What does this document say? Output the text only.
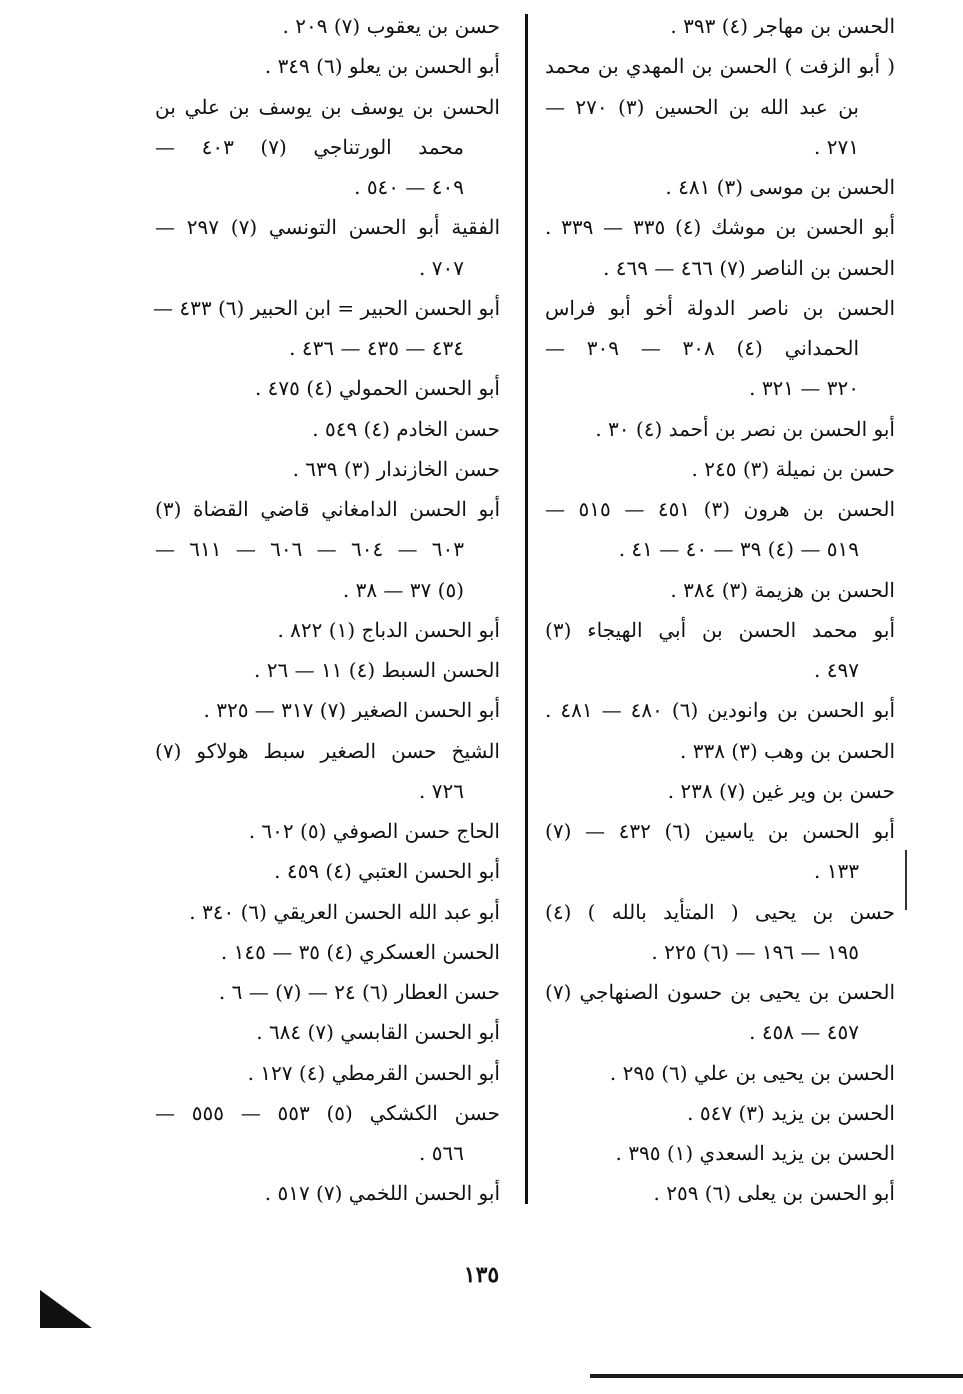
الحسن بن مهاجر (٤) ٣٩٣ .
( أبو الزفت ) الحسن بن المهدي بن محمد
بن عبد الله بن الحسين (٣) ٢٧٠ —
٢٧١ .
الحسن بن موسى (٣) ٤٨١ .
أبو الحسن بن موشك (٤) ٣٣٥ — ٣٣٩ .
الحسن بن الناصر (٧) ٤٦٦ — ٤٦٩ .
الحسن بن ناصر الدولة أخو أبو فراس
الحمداني (٤) ٣٠٨ — ٣٠٩ —
٣٢٠ — ٣٢١ .
أبو الحسن بن نصر بن أحمد (٤) ٣٠ .
حسن بن نميلة (٣) ٢٤٥ .
الحسن بن هرون (٣) ٤٥١ — ٥١٥ —
٥١٩ — (٤) ٣٩ — ٤٠ — ٤١ .
الحسن بن هزيمة (٣) ٣٨٤ .
أبو محمد الحسن بن أبي الهيجاء (٣)
٤٩٧ .
أبو الحسن بن وانودين (٦) ٤٨٠ — ٤٨١ .
الحسن بن وهب (٣) ٣٣٨ .
حسن بن وير غين (٧) ٢٣٨ .
أبو الحسن بن ياسين (٦) ٤٣٢ — (٧)
١٣٣ .
حسن بن يحيى ( المتأيد بالله ) (٤)
١٩٥ — ١٩٦ — (٦) ٢٢٥ .
الحسن بن يحيى بن حسون الصنهاجي (٧)
٤٥٧ — ٤٥٨ .
الحسن بن يحيى بن علي (٦) ٢٩٥ .
الحسن بن يزيد (٣) ٥٤٧ .
الحسن بن يزيد السعدي (١) ٣٩٥ .
أبو الحسن بن يعلى (٦) ٢٥٩ .
حسن بن يعقوب (٧) ٢٠٩ .
أبو الحسن بن يعلو (٦) ٣٤٩ .
الحسن بن يوسف بن يوسف بن علي بن
محمد الورتناجي (٧) ٤٠٣ —
٤٠٩ — ٥٤٠ .
الفقية أبو الحسن التونسي (٧) ٢٩٧ —
٧٠٧ .
أبو الحسن الحبير = ابن الحبير (٦) ٤٣٣ —
٤٣٤ — ٤٣٥ — ٤٣٦ .
أبو الحسن الحمولي (٤) ٤٧٥ .
حسن الخادم (٤) ٥٤٩ .
حسن الخازندار (٣) ٦٣٩ .
أبو الحسن الدامغاني قاضي القضاة (٣)
٦٠٣ — ٦٠٤ — ٦٠٦ — ٦١١ —
(٥) ٣٧ — ٣٨ .
أبو الحسن الدباج (١) ٨٢٢ .
الحسن السبط (٤) ١١ — ٢٦ .
أبو الحسن الصغير (٧) ٣١٧ — ٣٢٥ .
الشيخ حسن الصغير سبط هولاكو (٧)
٧٢٦ .
الحاج حسن الصوفي (٥) ٦٠٢ .
أبو الحسن العتبي (٤) ٤٥٩ .
أبو عبد الله الحسن العريقي (٦) ٣٤٠ .
الحسن العسكري (٤) ٣٥ — ١٤٥ .
حسن العطار (٦) ٢٤ — (٧) — ٦ .
أبو الحسن القابسي (٧) ٦٨٤ .
أبو الحسن القرمطي (٤) ١٢٧ .
حسن الكشكي (٥) ٥٥٣ — ٥٥٥ —
٥٦٦ .
أبو الحسن اللخمي (٧) ٥١٧ .
١٣٥
